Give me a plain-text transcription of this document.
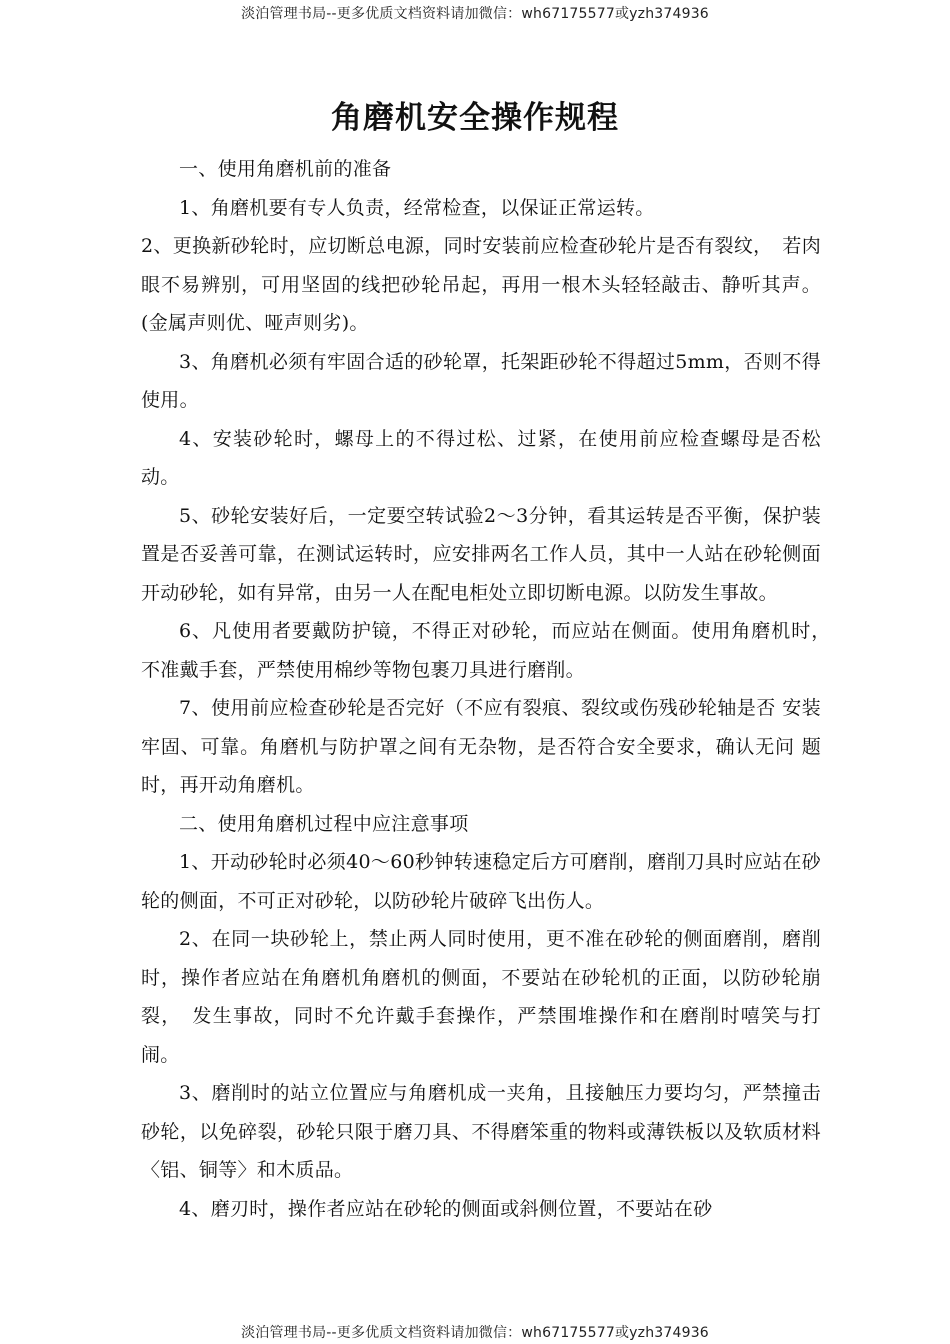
淡泊管理书局--更多优质文档资料请加微信：wh67175577或yzh374936
角磨机安全操作规程

一、使用角磨机前的准备

1、角磨机要有专人负责，经常检查，以保证正常运转。

2、更换新砂轮时，应切断总电源，同时安装前应检查砂轮片是否有裂纹，　若肉眼不易辨别，可用坚固的线把砂轮吊起，再用一根木头轻轻敲击、静听其声。(金属声则优、哑声则劣)。

3、角磨机必须有牢固合适的砂轮罩，托架距砂轮不得超过5mm，否则不得使用。

4、安装砂轮时，螺母上的不得过松、过紧，在使用前应检查螺母是否松动。

5、砂轮安装好后，一定要空转试验2〜3分钟，看其运转是否平衡，保护装 置是否妥善可靠，在测试运转时，应安排两名工作人员，其中一人站在砂轮侧面 开动砂轮，如有异常，由另一人在配电柜处立即切断电源。以防发生事故。

6、凡使用者要戴防护镜，不得正对砂轮，而应站在侧面。使用角磨机时，　不准戴手套，严禁使用棉纱等物包裹刀具进行磨削。

7、使用前应检查砂轮是否完好（不应有裂痕、裂纹或伤残砂轮轴是否 安装牢固、可靠。角磨机与防护罩之间有无杂物，是否符合安全要求，确认无问 题时，再开动角磨机。

二、使用角磨机过程中应注意事项

1、开动砂轮时必须40〜60秒钟转速稳定后方可磨削，磨削刀具时应站在砂 轮的侧面，不可正对砂轮，以防砂轮片破碎飞出伤人。

2、在同一块砂轮上，禁止两人同时使用，更不准在砂轮的侧面磨削，磨削 时，操作者应站在角磨机角磨机的侧面，不要站在砂轮机的正面，以防砂轮崩裂，　发生事故，同时不允许戴手套操作，严禁围堆操作和在磨削时嘻笑与打闹。

3、磨削时的站立位置应与角磨机成一夹角，且接触压力要均匀，严禁撞击 砂轮，以免碎裂，砂轮只限于磨刀具、不得磨笨重的物料或薄铁板以及软质材料〈铝、铜等〉和木质品。

4、磨刃时，操作者应站在砂轮的侧面或斜侧位置，不要站在砂

淡泊管理书局--更多优质文档资料请加微信：wh67175577或yzh374936
